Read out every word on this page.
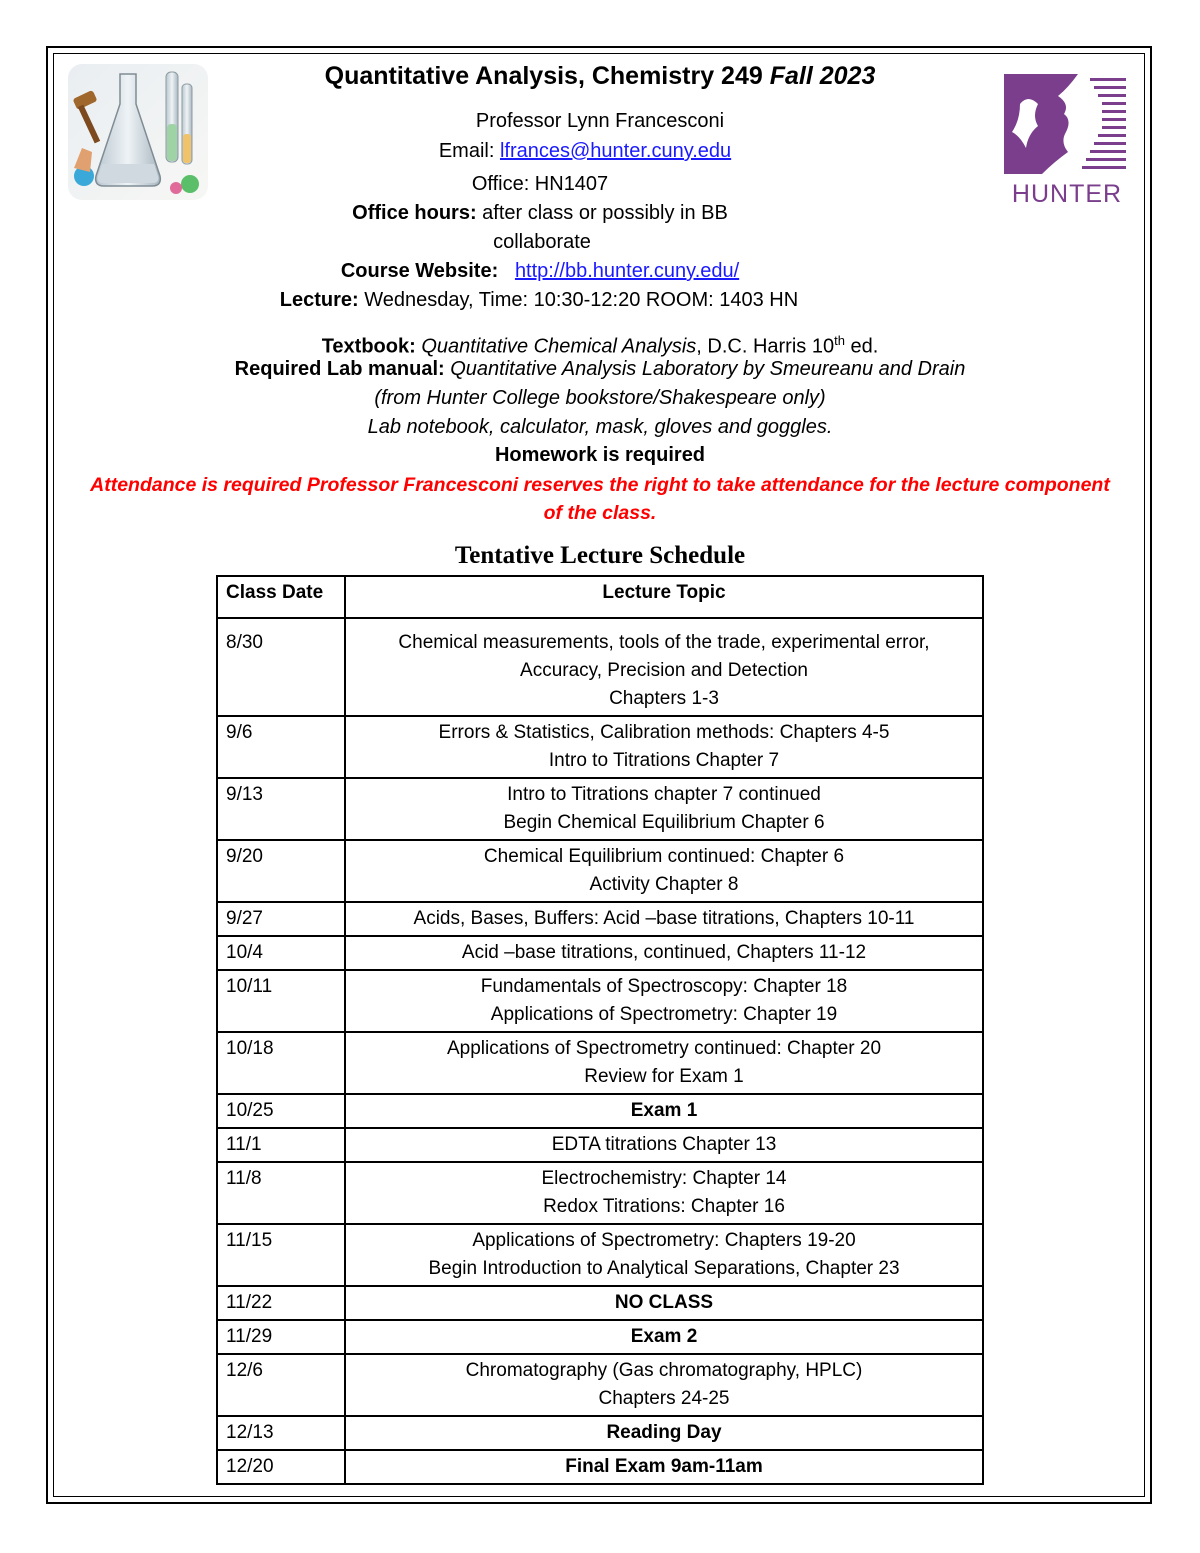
HUNTER
Quantitative Analysis, Chemistry 249 Fall 2023
Professor Lynn Francesconi
Email: lfrances@hunter.cuny.edu
Office: HN1407
Office hours: after class or possibly in BB
collaborate
Course Website: http://bb.hunter.cuny.edu/
Lecture: Wednesday, Time: 10:30-12:20 ROOM: 1403 HN
Textbook: Quantitative Chemical Analysis, D.C. Harris 10th ed.
Required Lab manual: Quantitative Analysis Laboratory by Smeureanu and Drain
(from Hunter College bookstore/Shakespeare only)
Lab notebook, calculator, mask, gloves and goggles.
Homework is required
Attendance is required Professor Francesconi reserves the right to take attendance for the lecture component
of the class.
Tentative Lecture Schedule
Class Date	Lecture Topic
8/30	Chemical measurements, tools of the trade, experimental error,
Accuracy, Precision and Detection
Chapters 1-3

9/6	Errors & Statistics, Calibration methods: Chapters 4-5
Intro to Titrations Chapter 7

9/13	Intro to Titrations chapter 7 continued
Begin Chemical Equilibrium Chapter 6

9/20	Chemical Equilibrium continued: Chapter 6
Activity Chapter 8

9/27	Acids, Bases, Buffers: Acid –base titrations, Chapters 10-11

10/4	Acid –base titrations, continued, Chapters 11-12

10/11	Fundamentals of Spectroscopy: Chapter 18
Applications of Spectrometry: Chapter 19

10/18	Applications of Spectrometry continued: Chapter 20
Review for Exam 1

10/25	Exam 1

11/1	EDTA titrations Chapter 13

11/8	Electrochemistry: Chapter 14
Redox Titrations: Chapter 16

11/15	Applications of Spectrometry: Chapters 19-20
Begin Introduction to Analytical Separations, Chapter 23

11/22	NO CLASS

11/29	Exam 2

12/6	Chromatography (Gas chromatography, HPLC)
Chapters 24-25

12/13	Reading Day

12/20	Final Exam 9am-11am
